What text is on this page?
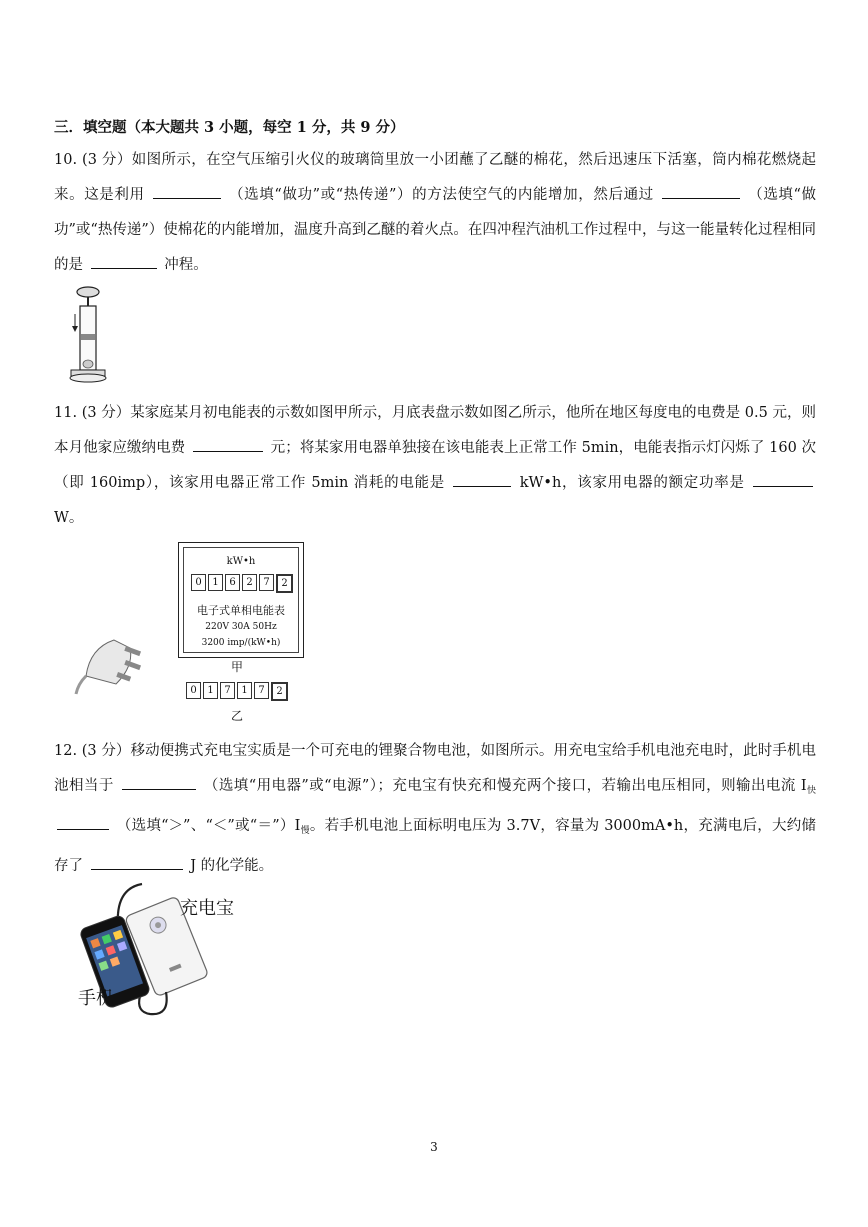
三．填空题（本大题共 3 小题，每空 1 分，共 9 分）

10. (3 分）如图所示，在空气压缩引火仪的玻璃筒里放一小团蘸了乙醚的棉花，然后迅速压下活塞，筒内棉花燃烧起来。这是利用	（选填“做功”或“热传递”）的方法使空气的内能增加，然后通过	（选填“做功”或“热传递”）使棉花的内能增加，温度升高到乙醚的着火点。在四冲程汽油机工作过程中，与这一能量转化过程相同的是	冲程。

11. (3 分）某家庭某月初电能表的示数如图甲所示，月底表盘示数如图乙所示，他所在地区每度电的电费是 0.5 元，则本月他家应缴纳电费	元；将某家用电器单独接在该电能表上正常工作 5min，电能表指示灯闪烁了 160 次（即 160imp），该家用电器正常工作 5min 消耗的电能是	kW•h，该家用电器的额定功率是  W。

kW•h
0	1	6	2	7	2
电子式单相电能表
220V 30A 50Hz
3200 imp/(kW•h)
甲
0	1	7	1	7	2
乙

12. (3 分）移动便携式充电宝实质是一个可充电的锂聚合物电池，如图所示。用充电宝给手机电池充电时，此时手机电池相当于	（选填“用电器”或“电源”）；充电宝有快充和慢充两个接口，若输出电压相同，则输出电流 $I_快$  （选填“＞”、“＜”或“$=”)I_慢$。若手机电池上面标明电压为 3.7V，容量为 3000mA•h，充满电后，大约储存了	J 的化学能。

充电宝
手机
3
